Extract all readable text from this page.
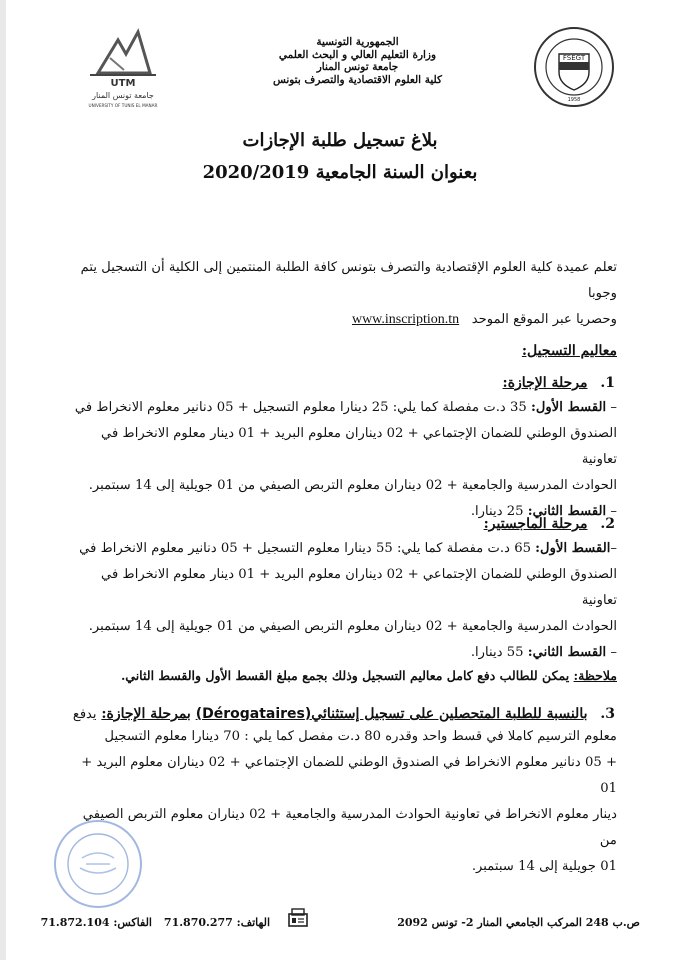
FSEGT
1958
UTM
جامعة تونس المنار
UNIVERSITY OF TUNIS EL MANAR
الجمهورية التونسية
وزارة التعليم العالي و البحث العلمي
جامعة تونس المنار
كلية العلوم الاقتصادية والتصرف بتونس
بلاغ تسجيل طلبة الإجازات
بعنوان السنة الجامعية 2020/2019
تعلم عميدة كلية العلوم الإقتصادية والتصرف بتونس كافة الطلبة المنتمين إلى الكلية أن التسجيل يتم وجوبا
وحصريا عبر الموقع الموحد   www.inscription.tn
معاليم التسجيل:
1. مرحلة الإجازة:
– القسط الأول: 35 د.ت مفصلة كما يلي: 25 دينارا معلوم التسجيل + 05 دنانير معلوم الانخراط في
الصندوق الوطني للضمان الإجتماعي + 02 ديناران معلوم البريد + 01 دينار معلوم الانخراط في تعاونية
الحوادث المدرسية والجامعية + 02 ديناران معلوم التربص الصيفي من 01 جويلية إلى 14 سبتمبر.
– القسط الثاني: 25 دينارا.
2. مرحلة الماجستير:
–القسط الأول: 65 د.ت مفصلة كما يلي: 55 دينارا معلوم التسجيل + 05 دنانير معلوم الانخراط في
الصندوق الوطني للضمان الإجتماعي + 02 ديناران معلوم البريد + 01 دينار معلوم الانخراط في تعاونية
الحوادث المدرسية والجامعية + 02 ديناران معلوم التربص الصيفي من 01 جويلية إلى 14 سبتمبر.
– القسط الثاني: 55 دينارا.
ملاحظة: يمكن للطالب دفع كامل معاليم التسجيل وذلك بجمع مبلغ القسط الأول والقسط الثاني.
3. بالنسبة للطلبة المتحصلين على تسجيل إستثنائي(Dérogataires) بمرحلة الإجازة: يدفع
معلوم الترسيم كاملا في قسط واحد وقدره 80 د.ت مفصل كما يلي : 70 دينارا معلوم التسجيل
+ 05 دنانير معلوم الانخراط في الصندوق الوطني للضمان الإجتماعي + 02 ديناران معلوم البريد + 01
دينار معلوم الانخراط في تعاونية الحوادث المدرسية والجامعية + 02 ديناران معلوم التربص الصيفي من
01 جويلية إلى 14 سبتمبر.
ص.ب 248 المركب الجامعي المنار 2- تونس 2092
الهاتف: 71.870.277
الفاكس: 71.872.104
